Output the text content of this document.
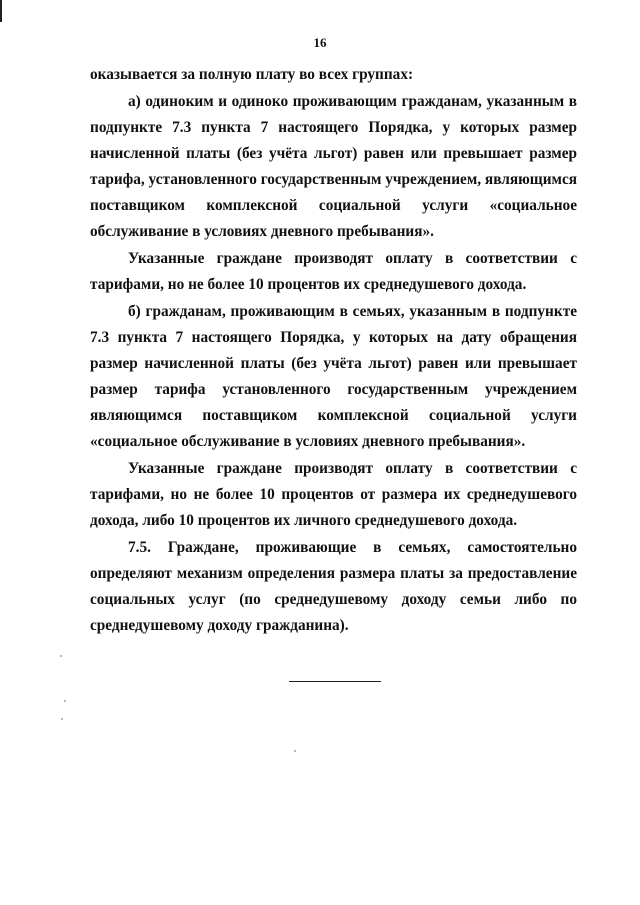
16

оказывается за полную плату во всех группах:

а) одиноким и одиноко проживающим гражданам, указанным в подпункте 7.3 пункта 7 настоящего Порядка, у которых размер начисленной платы (без учёта льгот) равен или превышает размер тарифа, установленного государственным учреждением, являющимся поставщиком комплексной социальной услуги «социальное обслуживание в условиях дневного пребывания».

Указанные граждане производят оплату в соответствии с тарифами, но не более 10 процентов их среднедушевого дохода.

б) гражданам, проживающим в семьях, указанным в подпункте 7.3 пункта 7 настоящего Порядка, у которых на дату обращения размер начисленной платы (без учёта льгот) равен или превышает размер тарифа установленного государственным учреждением являющимся поставщиком комплексной социальной услуги «социальное обслуживание в условиях дневного пребывания».

Указанные граждане производят оплату в соответствии с тарифами, но не более 10 процентов от размера их среднедушевого дохода, либо 10 процентов их личного среднедушевого дохода.

7.5. Граждане, проживающие в семьях, самостоятельно определяют механизм определения размера платы за предоставление социальных услуг (по среднедушевому доходу семьи либо по среднедушевому доходу гражданина).
